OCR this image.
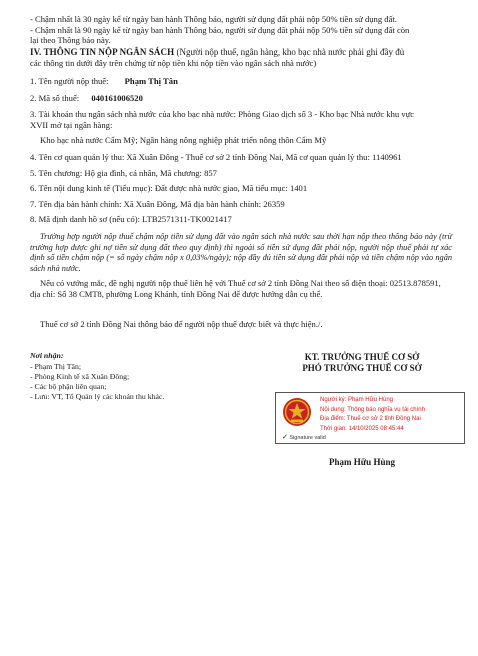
- Chậm nhất là 30 ngày kể từ ngày ban hành Thông báo, người sử dụng đất phải nộp 50% tiền sử dụng đất.
- Chậm nhất là 90 ngày kể từ ngày ban hành Thông báo, người sử dụng đất phải nộp 50% tiền sử dụng đất còn
lại theo Thông báo này.
IV. THÔNG TIN NỘP NGÂN SÁCH (Người nộp thuế, ngân hàng, kho bạc nhà nước phải ghi đầy đủ
các thông tin dưới đây trên chứng từ nộp tiền khi nộp tiền vào ngân sách nhà nước)
1. Tên người nộp thuế: Phạm Thị Tân
2. Mã số thuế: 040161006520
3. Tài khoản thu ngân sách nhà nước của kho bạc nhà nước: Phòng Giao dịch số 3 - Kho bạc Nhà nước khu vực
XVII mở tại ngân hàng:
Kho bạc nhà nước Cẩm Mỹ; Ngân hàng nông nghiệp phát triển nông thôn Cẩm Mỹ
4. Tên cơ quan quản lý thu: Xã Xuân Đông - Thuế cơ sở 2 tỉnh Đồng Nai, Mã cơ quan quản lý thu: 1140961
5. Tên chương: Hộ gia đình, cá nhân, Mã chương: 857
6. Tên nội dung kinh tế (Tiểu mục): Đất được nhà nước giao, Mã tiểu mục: 1401
7. Tên địa bàn hành chính: Xã Xuân Đông, Mã địa bàn hành chính: 26359
8. Mã định danh hồ sơ (nếu có): LTB2571311-TK0021417
Trường hợp người nộp thuế chậm nộp tiền sử dụng đất vào ngân sách nhà nước sau thời hạn nộp theo thông báo này (trừ trường hợp được ghi nợ tiền sử dụng đất theo quy định) thì ngoài số tiền sử dụng đất phải nộp, người nộp thuế phải tự xác định số tiền chậm nộp (= số ngày chậm nộp x 0,03%/ngày); nộp đầy đủ tiền sử dụng đất phải nộp và tiền chậm nộp vào ngân sách nhà nước.
Nếu có vướng mắc, đề nghị người nộp thuế liên hệ với Thuế cơ sở 2 tỉnh Đồng Nai theo số điện thoại: 02513.878591, địa chỉ: Số 38 CMT8, phường Long Khánh, tỉnh Đồng Nai để được hướng dẫn cụ thể.
Thuế cơ sở 2 tỉnh Đồng Nai thông báo để người nộp thuế được biết và thực hiện./.
Nơi nhận:
- Phạm Thị Tân;
- Phòng Kinh tế xã Xuân Đông;
- Các bộ phận liên quan;
- Lưu: VT, Tổ Quản lý các khoản thu khác.
KT. TRƯỞNG THUẾ CƠ SỞ
PHÓ TRƯỞNG THUẾ CƠ SỞ
✓ Signature valid
Người ký: Phạm Hữu Hùng
Nội dung: Thông báo nghĩa vụ tài chính
Địa điểm: Thuế cơ sở 2 tỉnh Đồng Nai
Thời gian: 14/10/2025 08:45:44
Phạm Hữu Hùng
